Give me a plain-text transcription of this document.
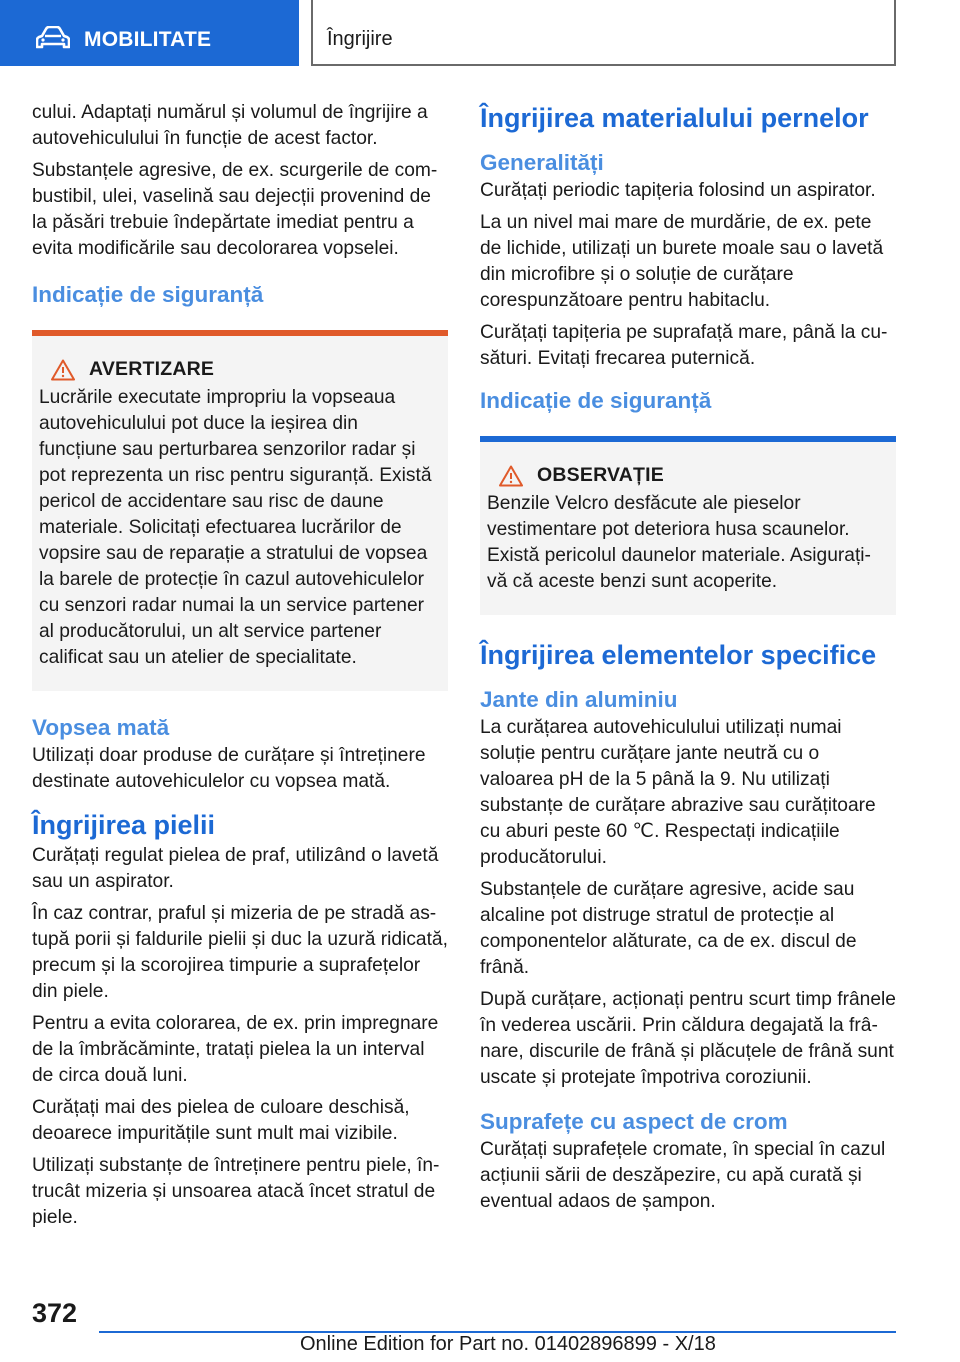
MOBILITATE	Îngrijire

cului. Adaptați numărul și volumul de îngrijire a autovehiculului în funcție de acest factor.

Substanțele agresive, de ex. scurgerile de combustibil, ulei, vaselină sau dejecții provenind de la păsări trebuie îndepărtate imediat pentru a evita modificările sau decolorarea vopselei.

Indicație de siguranță
AVERTIZARE

Lucrările executate impropriu la vopseaua autovehiculului pot duce la ieșirea din funcțiune sau perturbarea senzorilor radar și pot reprezenta un risc pentru siguranță. Există pericol de accidentare sau risc de daune materiale. Solicitați efectuarea lucrărilor de vopsire sau de reparație a stratului de vopsea la barele de protecție în cazul autovehiculelor cu senzori radar numai la un service partener al producătorului, un alt service partener calificat sau un atelier de specialitate.

Vopsea mată

Utilizați doar produse de curățare și întreținere destinate autovehiculelor cu vopsea mată.

Îngrijirea pielii

Curățați regulat pielea de praf, utilizând o lavetă sau un aspirator.

În caz contrar, praful și mizeria de pe stradă astupă porii și faldurile pielii și duc la uzură ridicată, precum și la scorojirea timpurie a suprafețelor din piele.

Pentru a evita colorarea, de ex. prin impregnare de la îmbrăcăminte, tratați pielea la un interval de circa două luni.

Curățați mai des pielea de culoare deschisă, deoarece impuritățile sunt mult mai vizibile.

Utilizați substanțe de întreținere pentru piele, întrucât mizeria și unsoarea atacă încet stratul de piele.

Îngrijirea materialului pernelor
Generalități

Curățați periodic tapițeria folosind un aspirator.

La un nivel mai mare de murdărie, de ex. pete de lichide, utilizați un burete moale sau o lavetă din microfibre și o soluție de curățare corespunzătoare pentru habitaclu.

Curățați tapițeria pe suprafață mare, până la cusături. Evitați frecarea puternică.

Indicație de siguranță
OBSERVAȚIE

Benzile Velcro desfăcute ale pieselor vestimentare pot deteriora husa scaunelor. Există pericolul daunelor materiale. Asigurați-vă că aceste benzi sunt acoperite.

Îngrijirea elementelor specifice
Jante din aluminiu

La curățarea autovehiculului utilizați numai soluție pentru curățare jante neutră cu o valoarea pH de la 5 până la 9. Nu utilizați substanțe de curățare abrazive sau curățitoare cu aburi peste 60 ℃. Respectați indicațiile producătorului.

Substanțele de curățare agresive, acide sau alcaline pot distruge stratul de protecție al componentelor alăturate, ca de ex. discul de frână.

După curățare, acționați pentru scurt timp frânele în vederea uscării. Prin căldura degajată la frânare, discurile de frână și plăcuțele de frână sunt uscate și protejate împotriva coroziunii.

Suprafețe cu aspect de crom

Curățați suprafețele cromate, în special în cazul acțiunii sării de deszăpezire, cu apă curată și eventual adaos de șampon.

372
Online Edition for Part no. 01402896899 - X/18
